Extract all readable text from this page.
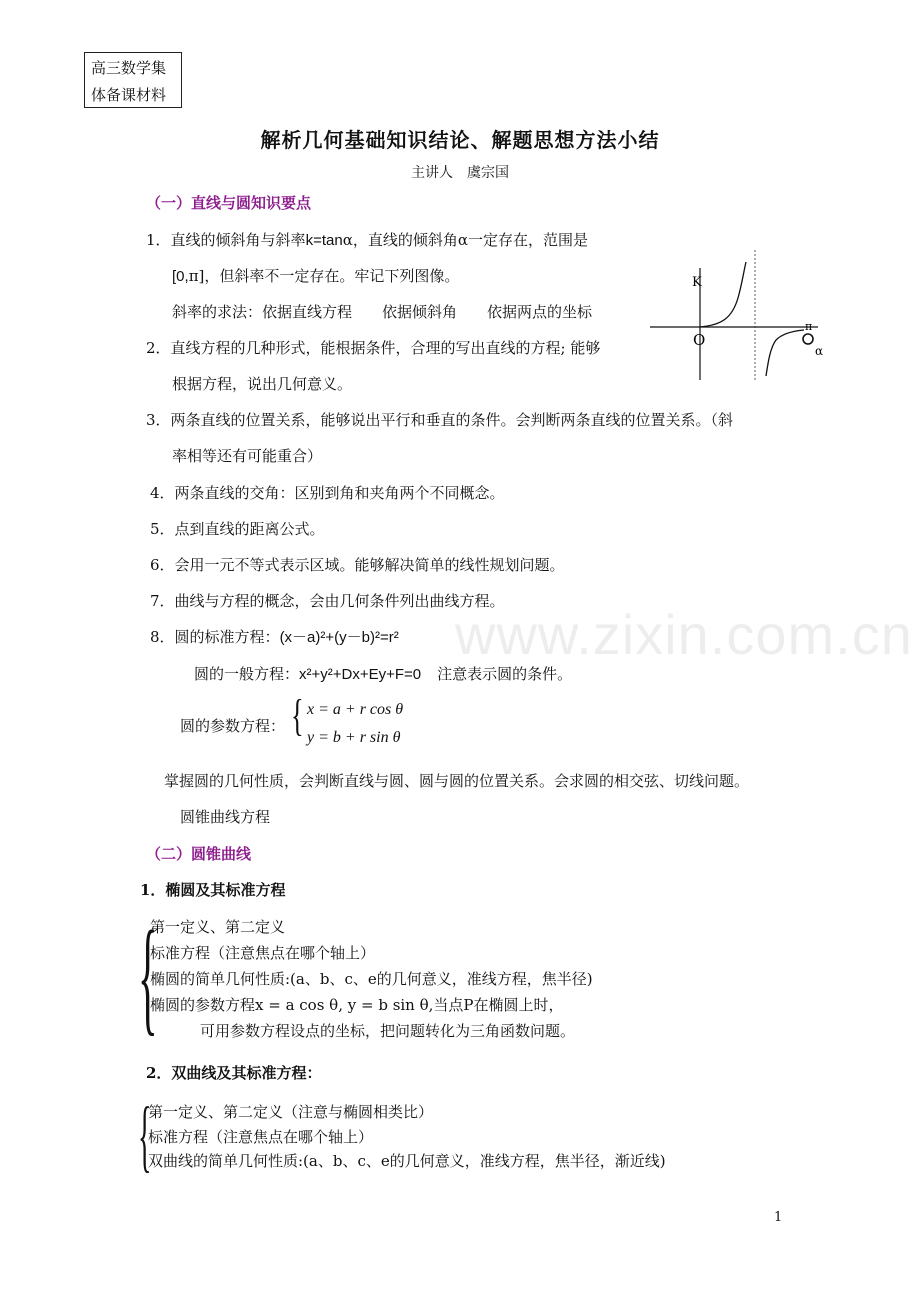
高三数学集
体备课材料
解析几何基础知识结论、解题思想方法小结
主讲人　虞宗国
（一）直线与圆知识要点
1．直线的倾斜角与斜率k=tanα，直线的倾斜角α一定存在，范围是
[0,π]，但斜率不一定存在。牢记下列图像。
斜率的求法：依据直线方程　　依据倾斜角　　依据两点的坐标
2．直线方程的几种形式，能根据条件，合理的写出直线的方程; 能够
根据方程，说出几何意义。
3．两条直线的位置关系，能够说出平行和垂直的条件。会判断两条直线的位置关系。（斜
率相等还有可能重合）
4．两条直线的交角：区别到角和夹角两个不同概念。
5．点到直线的距离公式。
6．会用一元不等式表示区域。能够解决简单的线性规划问题。
7．曲线与方程的概念，会由几何条件列出曲线方程。
8．圆的标准方程：(x－a)²+(y－b)²=r²
圆的一般方程：x²+y²+Dx+Ey+F=0 注意表示圆的条件。
圆的参数方程： { x = a + r cos θ
y = b + r sin θ
掌握圆的几何性质，会判断直线与圆、圆与圆的位置关系。会求圆的相交弦、切线问题。
圆锥曲线方程
K
O
π
α
（二）圆锥曲线
1．椭圆及其标准方程
{
第一定义、第二定义
标准方程（注意焦点在哪个轴上）
椭圆的简单几何性质:(a、b、c、e的几何意义，准线方程，焦半径)
椭圆的参数方程x = a cos θ, y = b sin θ,当点P在椭圆上时，
可用参数方程设点的坐标，把问题转化为三角函数问题。
2．双曲线及其标准方程：
{
第一定义、第二定义（注意与椭圆相类比）
标准方程（注意焦点在哪个轴上）
双曲线的简单几何性质:(a、b、c、e的几何意义，准线方程，焦半径，渐近线)
www.zixin.com.cn
1
